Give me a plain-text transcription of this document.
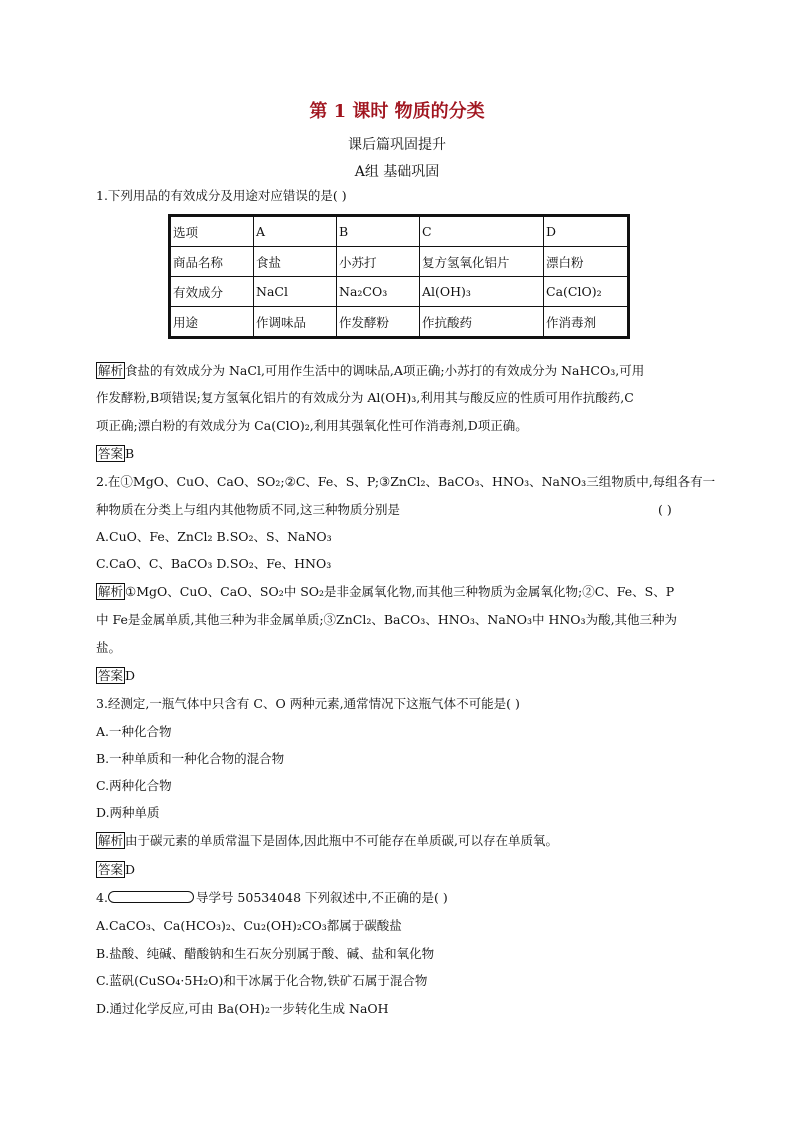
第 1 课时 物质的分类
课后篇巩固提升
A组 基础巩固
1.下列用品的有效成分及用途对应错误的是( )
选项	A	B	C	D
商品名称	食盐	小苏打	复方氢氧化铝片	漂白粉
有效成分	NaCl	Na₂CO₃	Al(OH)₃	Ca(ClO)₂
用途	作调味品	作发酵粉	作抗酸药	作消毒剂
解析 食盐的有效成分为 NaCl,可用作生活中的调味品,A项正确;小苏打的有效成分为 NaHCO₃,可用
作发酵粉,B项错误;复方氢氧化铝片的有效成分为 Al(OH)₃,利用其与酸反应的性质可用作抗酸药,C
项正确;漂白粉的有效成分为 Ca(ClO)₂,利用其强氧化性可作消毒剂,D项正确。
答案 B
2.在①MgO、CuO、CaO、SO₂;②C、Fe、S、P;③ZnCl₂、BaCO₃、HNO₃、NaNO₃三组物质中,每组各有一
种物质在分类上与组内其他物质不同,这三种物质分别是	( )
A.CuO、Fe、ZnCl₂ B.SO₂、S、NaNO₃
C.CaO、C、BaCO₃ D.SO₂、Fe、HNO₃
解析 ①MgO、CuO、CaO、SO₂中 SO₂是非金属氧化物,而其他三种物质为金属氧化物;②C、Fe、S、P
中 Fe是金属单质,其他三种为非金属单质;③ZnCl₂、BaCO₃、HNO₃、NaNO₃中 HNO₃为酸,其他三种为
盐。
答案 D
3.经测定,一瓶气体中只含有 C、O 两种元素,通常情况下这瓶气体不可能是( )
A.一种化合物
B.一种单质和一种化合物的混合物
C.两种化合物
D.两种单质
解析 由于碳元素的单质常温下是固体,因此瓶中不可能存在单质碳,可以存在单质氧。
答案 D
4.	导学号 50534048 下列叙述中,不正确的是( )
A.CaCO₃、Ca(HCO₃)₂、Cu₂(OH)₂CO₃都属于碳酸盐
B.盐酸、纯碱、醋酸钠和生石灰分别属于酸、碱、盐和氧化物
C.蓝矾(CuSO₄·5H₂O)和干冰属于化合物,铁矿石属于混合物
D.通过化学反应,可由 Ba(OH)₂一步转化生成 NaOH
